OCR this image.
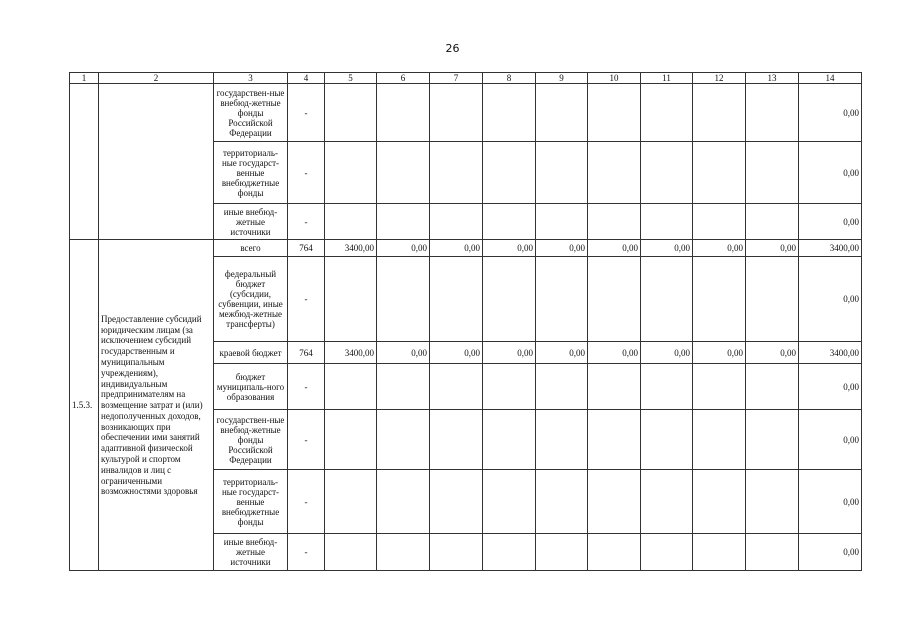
26
1	2	3	4	5	6	7	8	9	10	11	12	13	14
		государствен-ные внебюд-жетные фонды Российской Федерации	-										0,00
		территориаль-ные государст-венные внебюджетные фонды	-										0,00
		иные внебюд-жетные источники	-										0,00
1.5.3.	Предоставление субсидий юридическим лицам (за исключением субсидий государственным и муниципальным учреждениям), индивидуальным предпринимателям на возмещение затрат и (или) недополученных доходов, возникающих при обеспечении ими занятий адаптивной физической культурой и спортом инвалидов и лиц с ограниченными возможностями здоровья	всего	764	3400,00	0,00	0,00	0,00	0,00	0,00	0,00	0,00	0,00	3400,00
		федеральный бюджет (субсидии, субвенции, иные межбюд-жетные трансферты)	-										0,00
		краевой бюджет	764	3400,00	0,00	0,00	0,00	0,00	0,00	0,00	0,00	0,00	3400,00
		бюджет муниципаль-ного образования	-										0,00
		государствен-ные внебюд-жетные фонды Российской Федерации	-										0,00
		территориаль-ные государст-венные внебюджетные фонды	-										0,00
		иные внебюд-жетные источники	-										0,00
